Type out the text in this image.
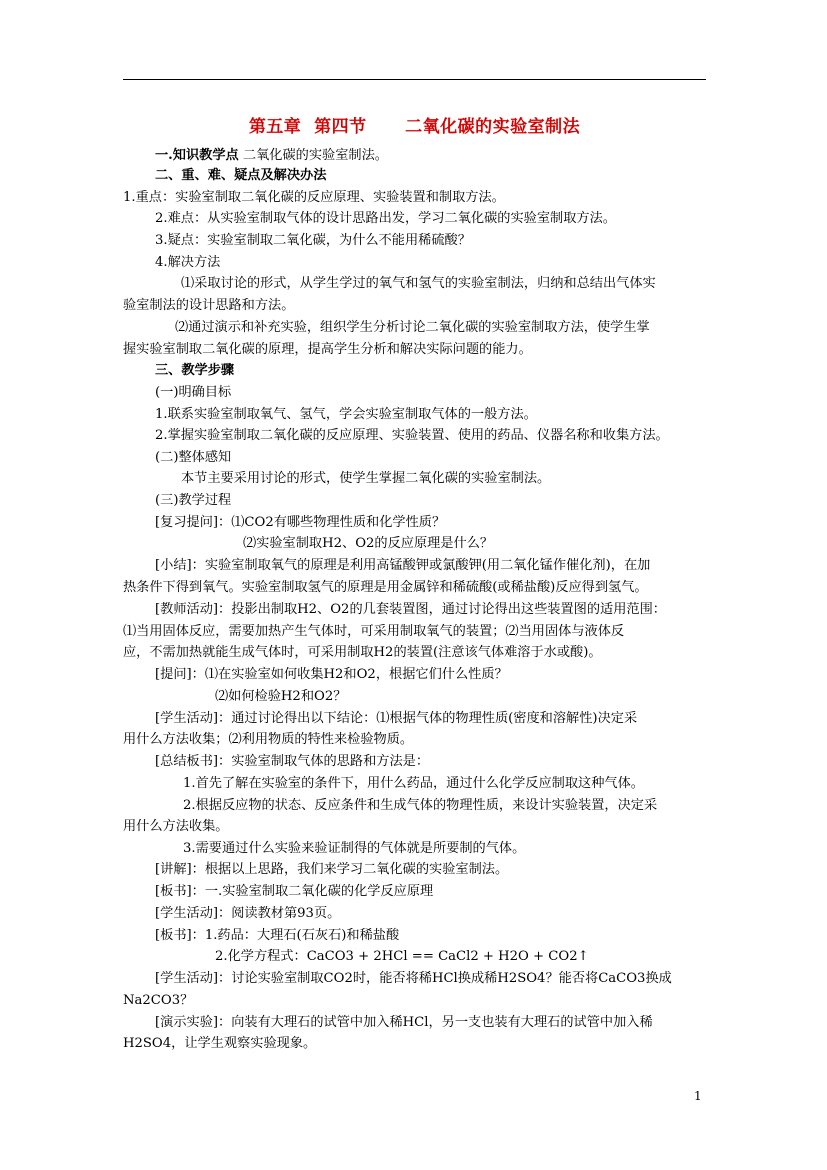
第五章  第四节      二氧化碳的实验室制法
一.知识教学点 二氧化碳的实验室制法。
二、重、难、疑点及解决办法
1.重点：实验室制取二氧化碳的反应原理、实验装置和制取方法。
2.难点：从实验室制取气体的设计思路出发，学习二氧化碳的实验室制取方法。
3.疑点：实验室制取二氧化碳，为什么不能用稀硫酸？
4.解决方法
⑴采取讨论的形式，从学生学过的氧气和氢气的实验室制法，归纳和总结出气体实
验室制法的设计思路和方法。
⑵通过演示和补充实验，组织学生分析讨论二氧化碳的实验室制取方法，使学生掌
握实验室制取二氧化碳的原理，提高学生分析和解决实际问题的能力。
三、教学步骤
(一)明确目标
1.联系实验室制取氧气、氢气，学会实验室制取气体的一般方法。
2.掌握实验室制取二氧化碳的反应原理、实验装置、使用的药品、仪器名称和收集方法。
(二)整体感知
本节主要采用讨论的形式，使学生掌握二氧化碳的实验室制法。
(三)教学过程
[复习提问]：⑴CO2有哪些物理性质和化学性质？
⑵实验室制取H2、O2的反应原理是什么？
[小结]：实验室制取氧气的原理是利用高锰酸钾或氯酸钾(用二氧化锰作催化剂)，在加
热条件下得到氧气。实验室制取氢气的原理是用金属锌和稀硫酸(或稀盐酸)反应得到氢气。
[教师活动]：投影出制取H2、O2的几套装置图，通过讨论得出这些装置图的适用范围：
⑴当用固体反应，需要加热产生气体时，可采用制取氧气的装置；⑵当用固体与液体反
应，不需加热就能生成气体时，可采用制取H2的装置(注意该气体难溶于水或酸)。
[提问]：⑴在实验室如何收集H2和O2，根据它们什么性质？
⑵如何检验H2和O2？
[学生活动]：通过讨论得出以下结论：⑴根据气体的物理性质(密度和溶解性)决定采
用什么方法收集；⑵利用物质的特性来检验物质。
[总结板书]：实验室制取气体的思路和方法是：
1.首先了解在实验室的条件下，用什么药品，通过什么化学反应制取这种气体。
2.根据反应物的状态、反应条件和生成气体的物理性质，来设计实验装置，决定采
用什么方法收集。
3.需要通过什么实验来验证制得的气体就是所要制的气体。
[讲解]：根据以上思路，我们来学习二氧化碳的实验室制法。
[板书]：一.实验室制取二氧化碳的化学反应原理
[学生活动]：阅读教材第93页。
[板书]：1.药品：大理石(石灰石)和稀盐酸
2.化学方程式：CaCO3 + 2HCl == CaCl2 + H2O + CO2↑
[学生活动]：讨论实验室制取CO2时，能否将稀HCl换成稀H2SO4？能否将CaCO3换成
Na2CO3？
[演示实验]：向装有大理石的试管中加入稀HCl，另一支也装有大理石的试管中加入稀
H2SO4，让学生观察实验现象。
1
